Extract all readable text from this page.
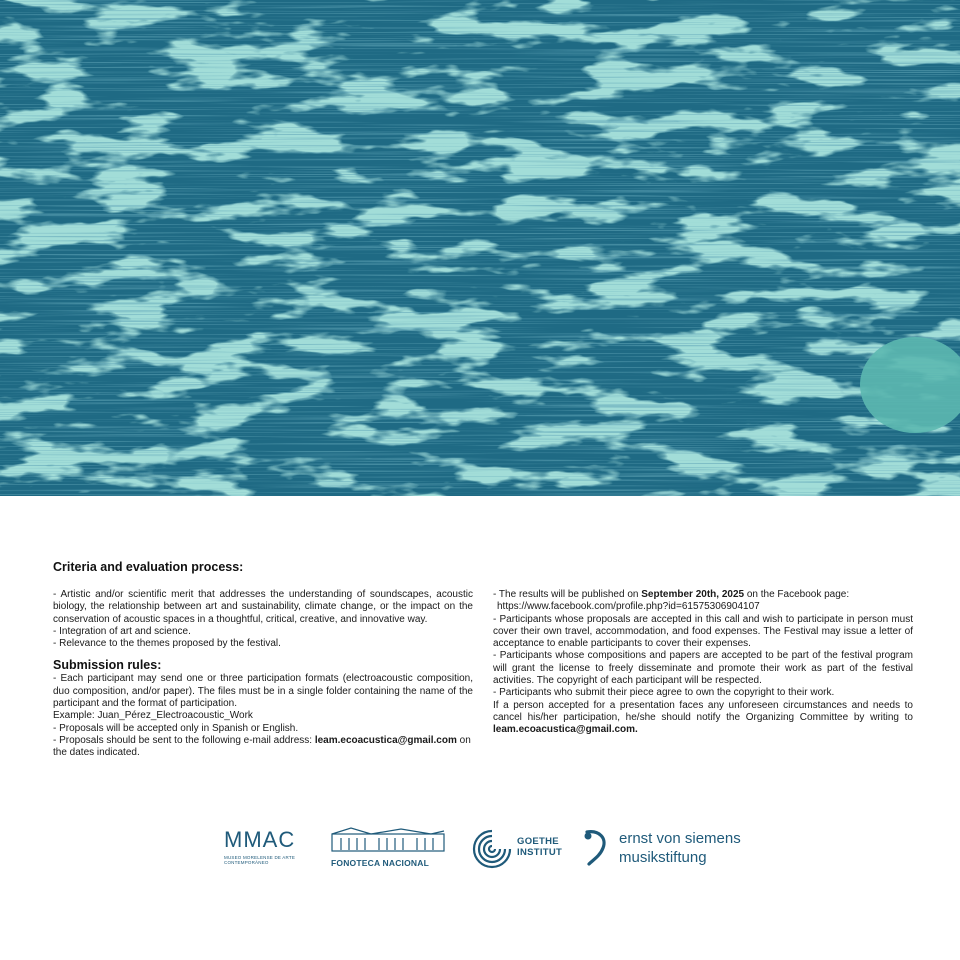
Criteria and evaluation process:
- Artistic and/or scientific merit that addresses the understanding of soundscapes, acoustic biology, the relationship between art and sustainability, climate change, or the impact on the conservation of acoustic spaces in a thoughtful, critical, creative, and innovative way.
- Integration of art and science.
- Relevance to the themes proposed by the festival.
Submission rules:
- Each participant may send one or three participation formats (electroacoustic composition, duo composition, and/or paper). The files must be in a single folder containing the name of the participant and the format of participation.
Example: Juan_Pérez_Electroacoustic_Work
- Proposals will be accepted only in Spanish or English.
- Proposals should be sent to the following e-mail address: leam.ecoacustica@gmail.com on the dates indicated.
- The results will be published on September 20th, 2025 on the Facebook page:
https://www.facebook.com/profile.php?id=61575306904107
- Participants whose proposals are accepted in this call and wish to participate in person must cover their own travel, accommodation, and food expenses. The Festival may issue a letter of acceptance to enable participants to cover their expenses.
- Participants whose compositions and papers are accepted to be part of the festival program will grant the license to freely disseminate and promote their work as part of the festival activities. The copyright of each participant will be respected.
- Participants who submit their piece agree to own the copyright to their work.
If a person accepted for a presentation faces any unforeseen circumstances and needs to cancel his/her participation, he/she should notify the Organizing Committee by writing to leam.ecoacustica@gmail.com.
MMAC
MUSEO MORELENSE DE ARTE CONTEMPORÁNEO	FONOTECA NACIONAL
GOETHE
INSTITUT
ernst von siemens
musikstiftung
